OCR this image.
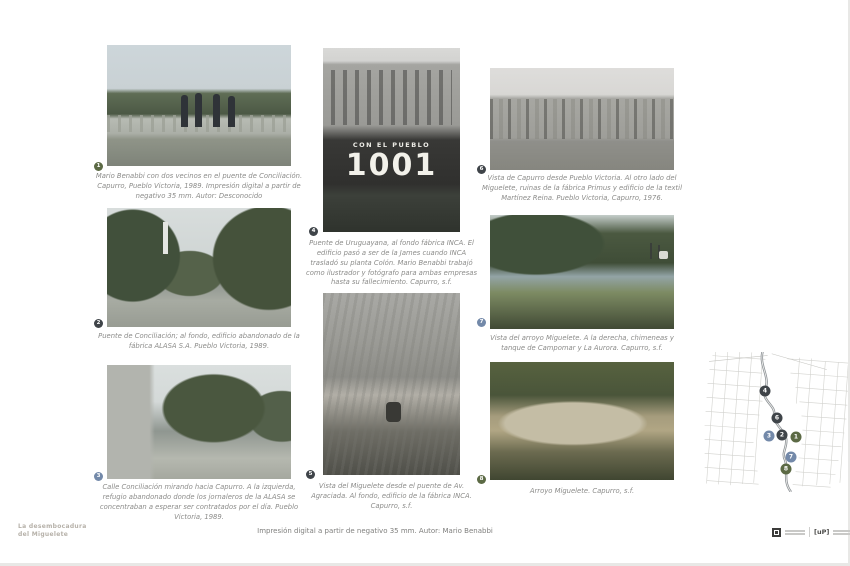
1
Mario Benabbi con dos vecinos en el puente de Conciliación. Capurro, Pueblo Victoria, 1989. Impresión digital a partir de negativo 35 mm. Autor: Desconocido
2
Puente de Conciliación; al fondo, edificio abandonado de la fábrica ALASA S.A. Pueblo Victoria, 1989.
3
Calle Conciliación mirando hacia Capurro. A la izquierda, refugio abandonado donde los jornaleros de la ALASA se concentraban a esperar ser contratados por el día. Pueblo Victoria, 1989.
CON EL PUEBLO
1001
4
Puente de Uruguayana, al fondo fábrica INCA. El edificio pasó a ser de la James cuando INCA trasladó su planta Colón. Mario Benabbi trabajó como ilustrador y fotógrafo para ambas empresas hasta su fallecimiento. Capurro, s.f.
5
Vista del Miguelete desde el puente de Av. Agraciada. Al fondo, edificio de la fábrica INCA. Capurro, s.f.
6
Vista de Capurro desde Pueblo Victoria. Al otro lado del Miguelete, ruinas de la fábrica Primus y edificio de la textil Martínez Reina. Pueblo Victoria, Capurro, 1976.
7
Vista del arroyo Miguelete. A la derecha, chimeneas y tanque de Campomar y La Aurora. Capurro, s.f.
8
Arroyo Miguelete. Capurro, s.f.
4
6
3	2	1
7
8
La desembocadura
del Miguelete	Impresión digital a partir de negativo 35 mm. Autor: Mario Benabbi	[uP]
